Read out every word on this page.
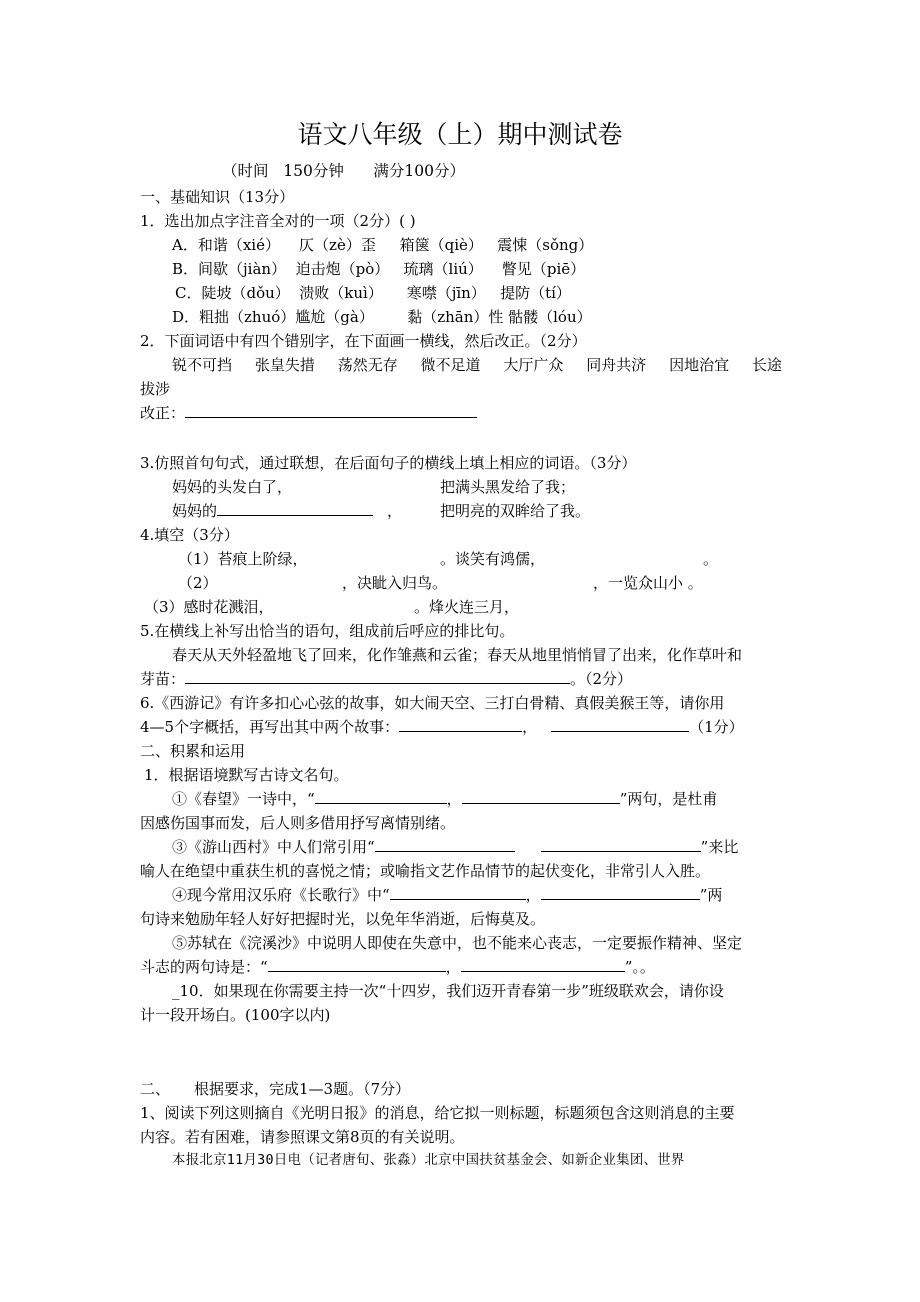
语文八年级（上）期中测试卷
（时间   150分钟      满分100分）
一、基础知识（13分）
1．选出加点字注音全对的一项（2分）( )
A．和谐（xié）    仄（zè）歪     箱箧（qiè）   震悚（sǒng）
B．间歇（jiàn）  迫击炮（pò）   琉璃（liú）    瞥见（piē）
C．陡坡（dǒu）  溃败（kuì）     寒噤（jīn）   提防（tí）
D．粗拙（zhuó）尴尬（gà）       黏（zhān）性 骷髅（lóu）
2．下面词语中有四个错别字，在下面画一横线，然后改正。（2分）
锐不可挡 张皇失措 荡然无存 微不足道 大厅广众 同舟共济 因地治宜 长途
拔涉
改正：
3.仿照首句句式，通过联想，在后面句子的横线上填上相应的词语。（3分）
妈妈的头发白了，	把满头黑发给了我；
妈妈的	，	把明亮的双眸给了我。
4.填空（3分）
（1）苔痕上阶绿，	。谈笑有鸿儒，	。
（2）	，决眦入归鸟。	，一览众山小 。
（3）感时花溅泪，	。烽火连三月，
5.在横线上补写出恰当的语句，组成前后呼应的排比句。
春天从天外轻盈地飞了回来，化作雏燕和云雀；春天从地里悄悄冒了出来，化作草叶和
芽苗：	。（2分）
6.《西游记》有许多扣心心弦的故事，如大闹天空、三打白骨精、真假美猴王等，请你用
4—5个字概括，再写出其中两个故事：	，	（1分）
二、积累和运用
1．根据语境默写古诗文名句。
①《春望》一诗中，“	，	”两句，是杜甫
因感伤国事而发，后人则多借用抒写离情别绪。
③《游山西村》中人们常引用“	”来比
喻人在绝望中重获生机的喜悦之情；或喻指文艺作品情节的起伏变化，非常引人入胜。
④现今常用汉乐府《长歌行》中“	，	”两
句诗来勉励年轻人好好把握时光，以免年华消逝，后悔莫及。
⑤苏轼在《浣溪沙》中说明人即使在失意中，也不能来心丧志，一定要振作精神、坚定
斗志的两句诗是：“	，	”。。
_10．如果现在你需要主持一次“十四岁，我们迈开青春第一步”班级联欢会，请你设
计一段开场白。(100字以内)
二、 根据要求，完成1—3题。（7分）
1、阅读下列这则摘自《光明日报》的消息，给它拟一则标题，标题须包含这则消息的主要
内容。若有困难，请参照课文第8页的有关说明。
本报北京11月30日电（记者唐旬、张淼）北京中国扶贫基金会、如新企业集团、世界
